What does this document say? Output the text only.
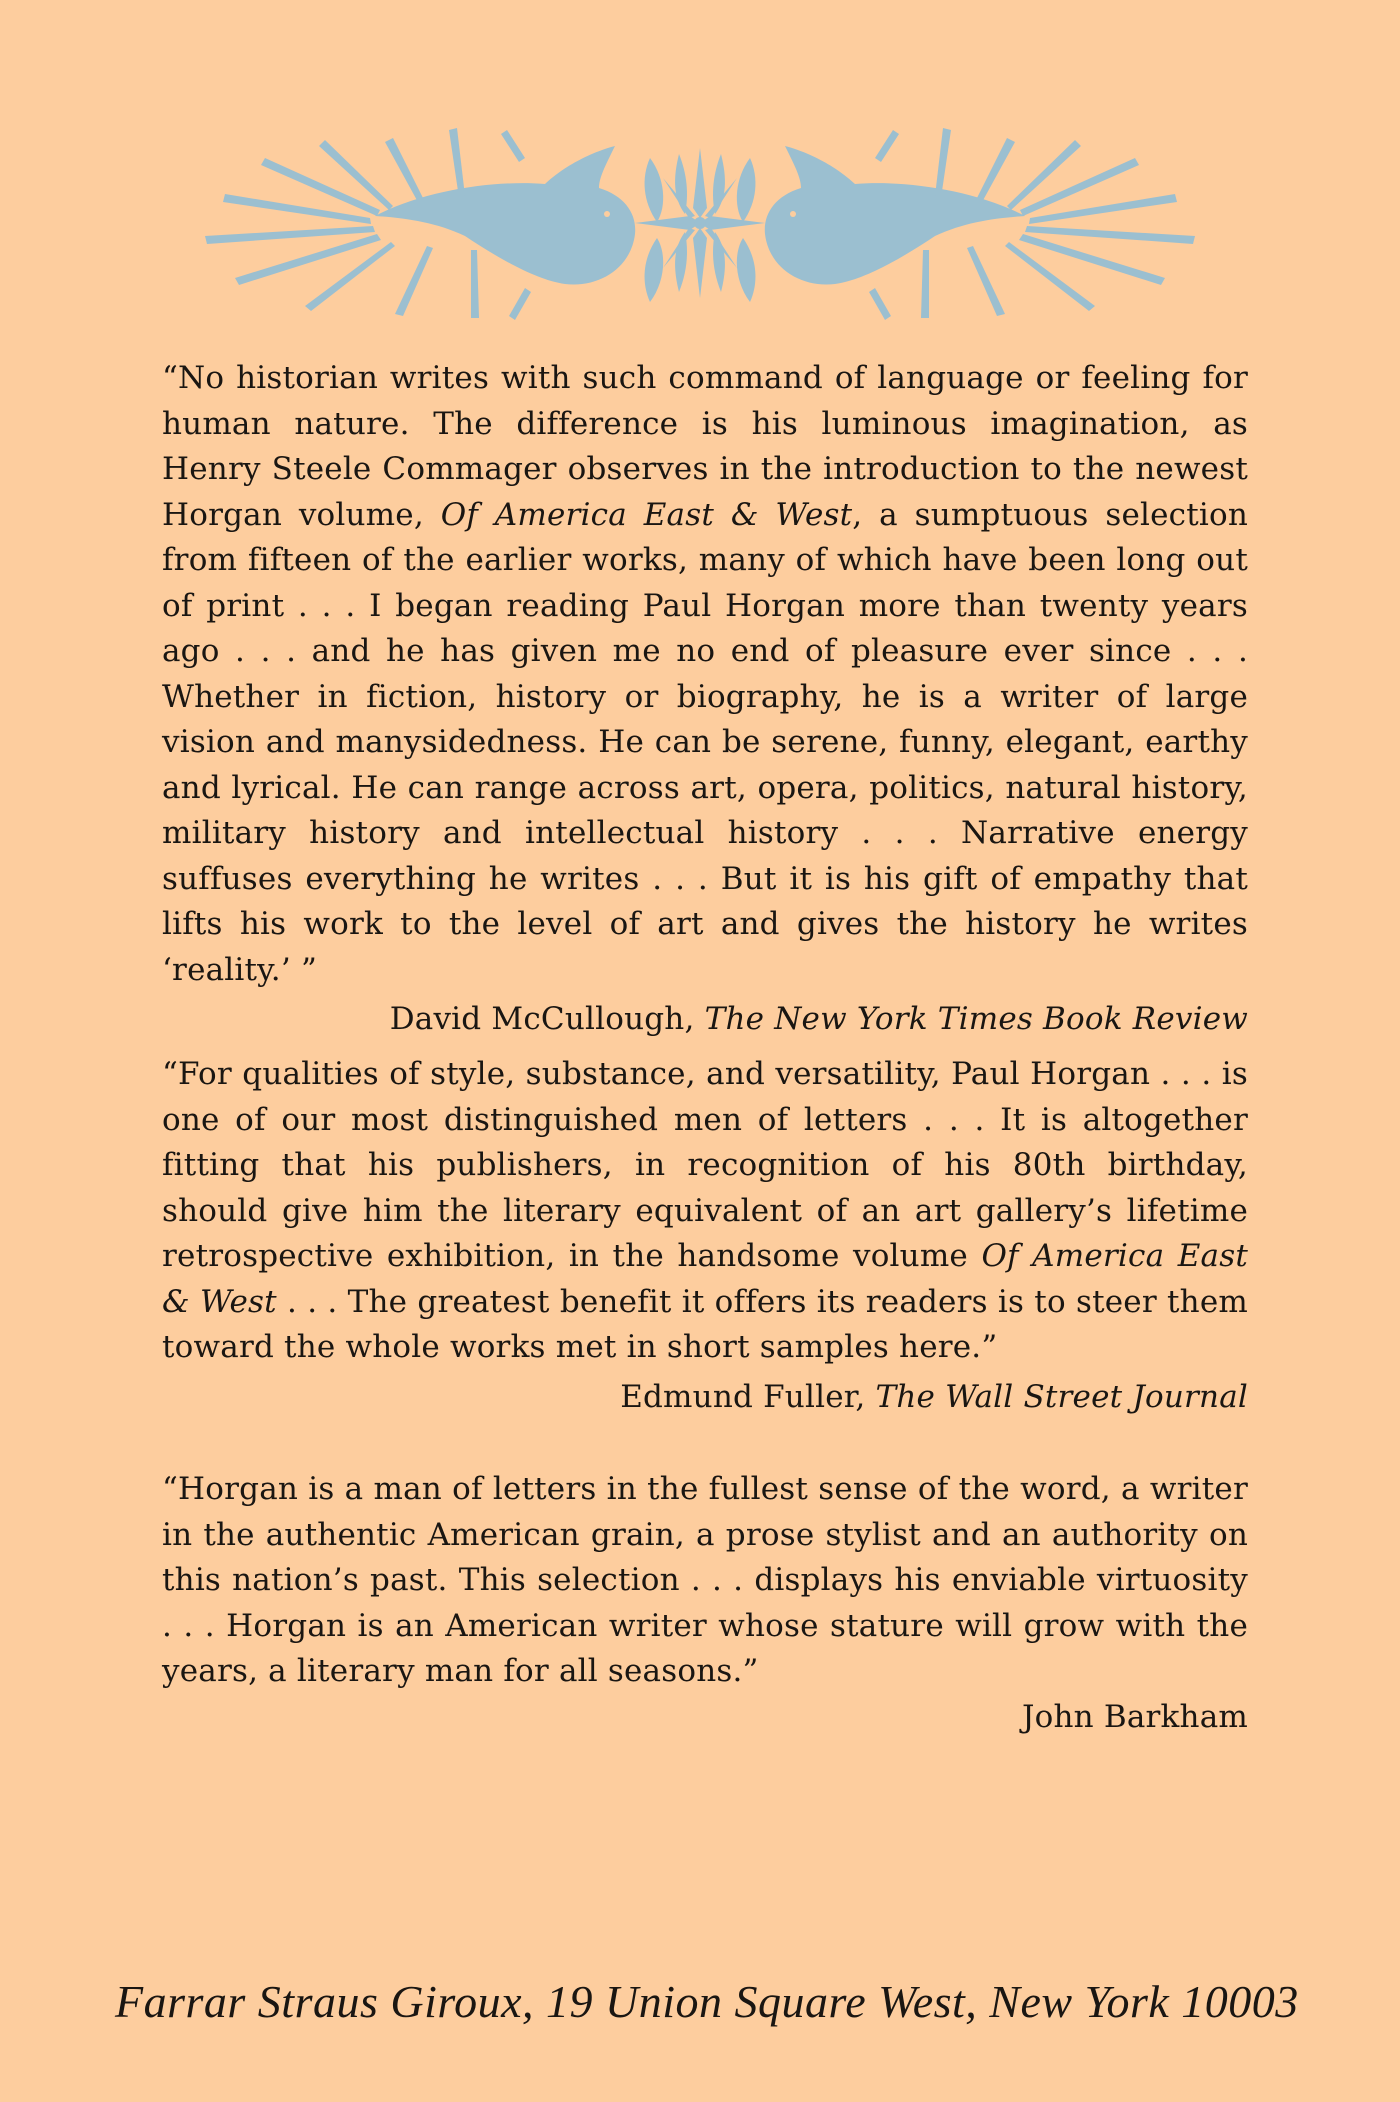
“No historian writes with such command of language or feeling for human nature. The difference is his luminous imagination, as Henry Steele Commager observes in the introduction to the newest Horgan volume, Of America East & West, a sumptuous selection from fifteen of the earlier works, many of which have been long out of print . . . I began reading Paul Horgan more than twenty years ago . . . and he has given me no end of pleasure ever since . . . Whether in fiction, history or biography, he is a writer of large vision and manysidedness. He can be serene, funny, elegant, earthy and lyrical. He can range across art, opera, politics, natural history, military history and intellectual history . . . Narrative energy suffuses everything he writes . . . But it is his gift of empathy that lifts his work to the level of art and gives the history he writes ‘reality.’ ”
David McCullough, The New York Times Book Review
“For qualities of style, substance, and versatility, Paul Horgan . . . is one of our most distinguished men of letters . . . It is altogether fitting that his publishers, in recognition of his 80th birthday, should give him the literary equivalent of an art gallery’s lifetime retrospective exhibition, in the handsome volume Of America East & West . . . The greatest benefit it offers its readers is to steer them toward the whole works met in short samples here.”
Edmund Fuller, The Wall Street Journal
“Horgan is a man of letters in the fullest sense of the word, a writer in the authentic American grain, a prose stylist and an authority on this nation’s past. This selection . . . displays his enviable virtuosity . . . Horgan is an American writer whose stature will grow with the years, a literary man for all seasons.”
John Barkham
Farrar Straus Giroux, 19 Union Square West, New York 10003
